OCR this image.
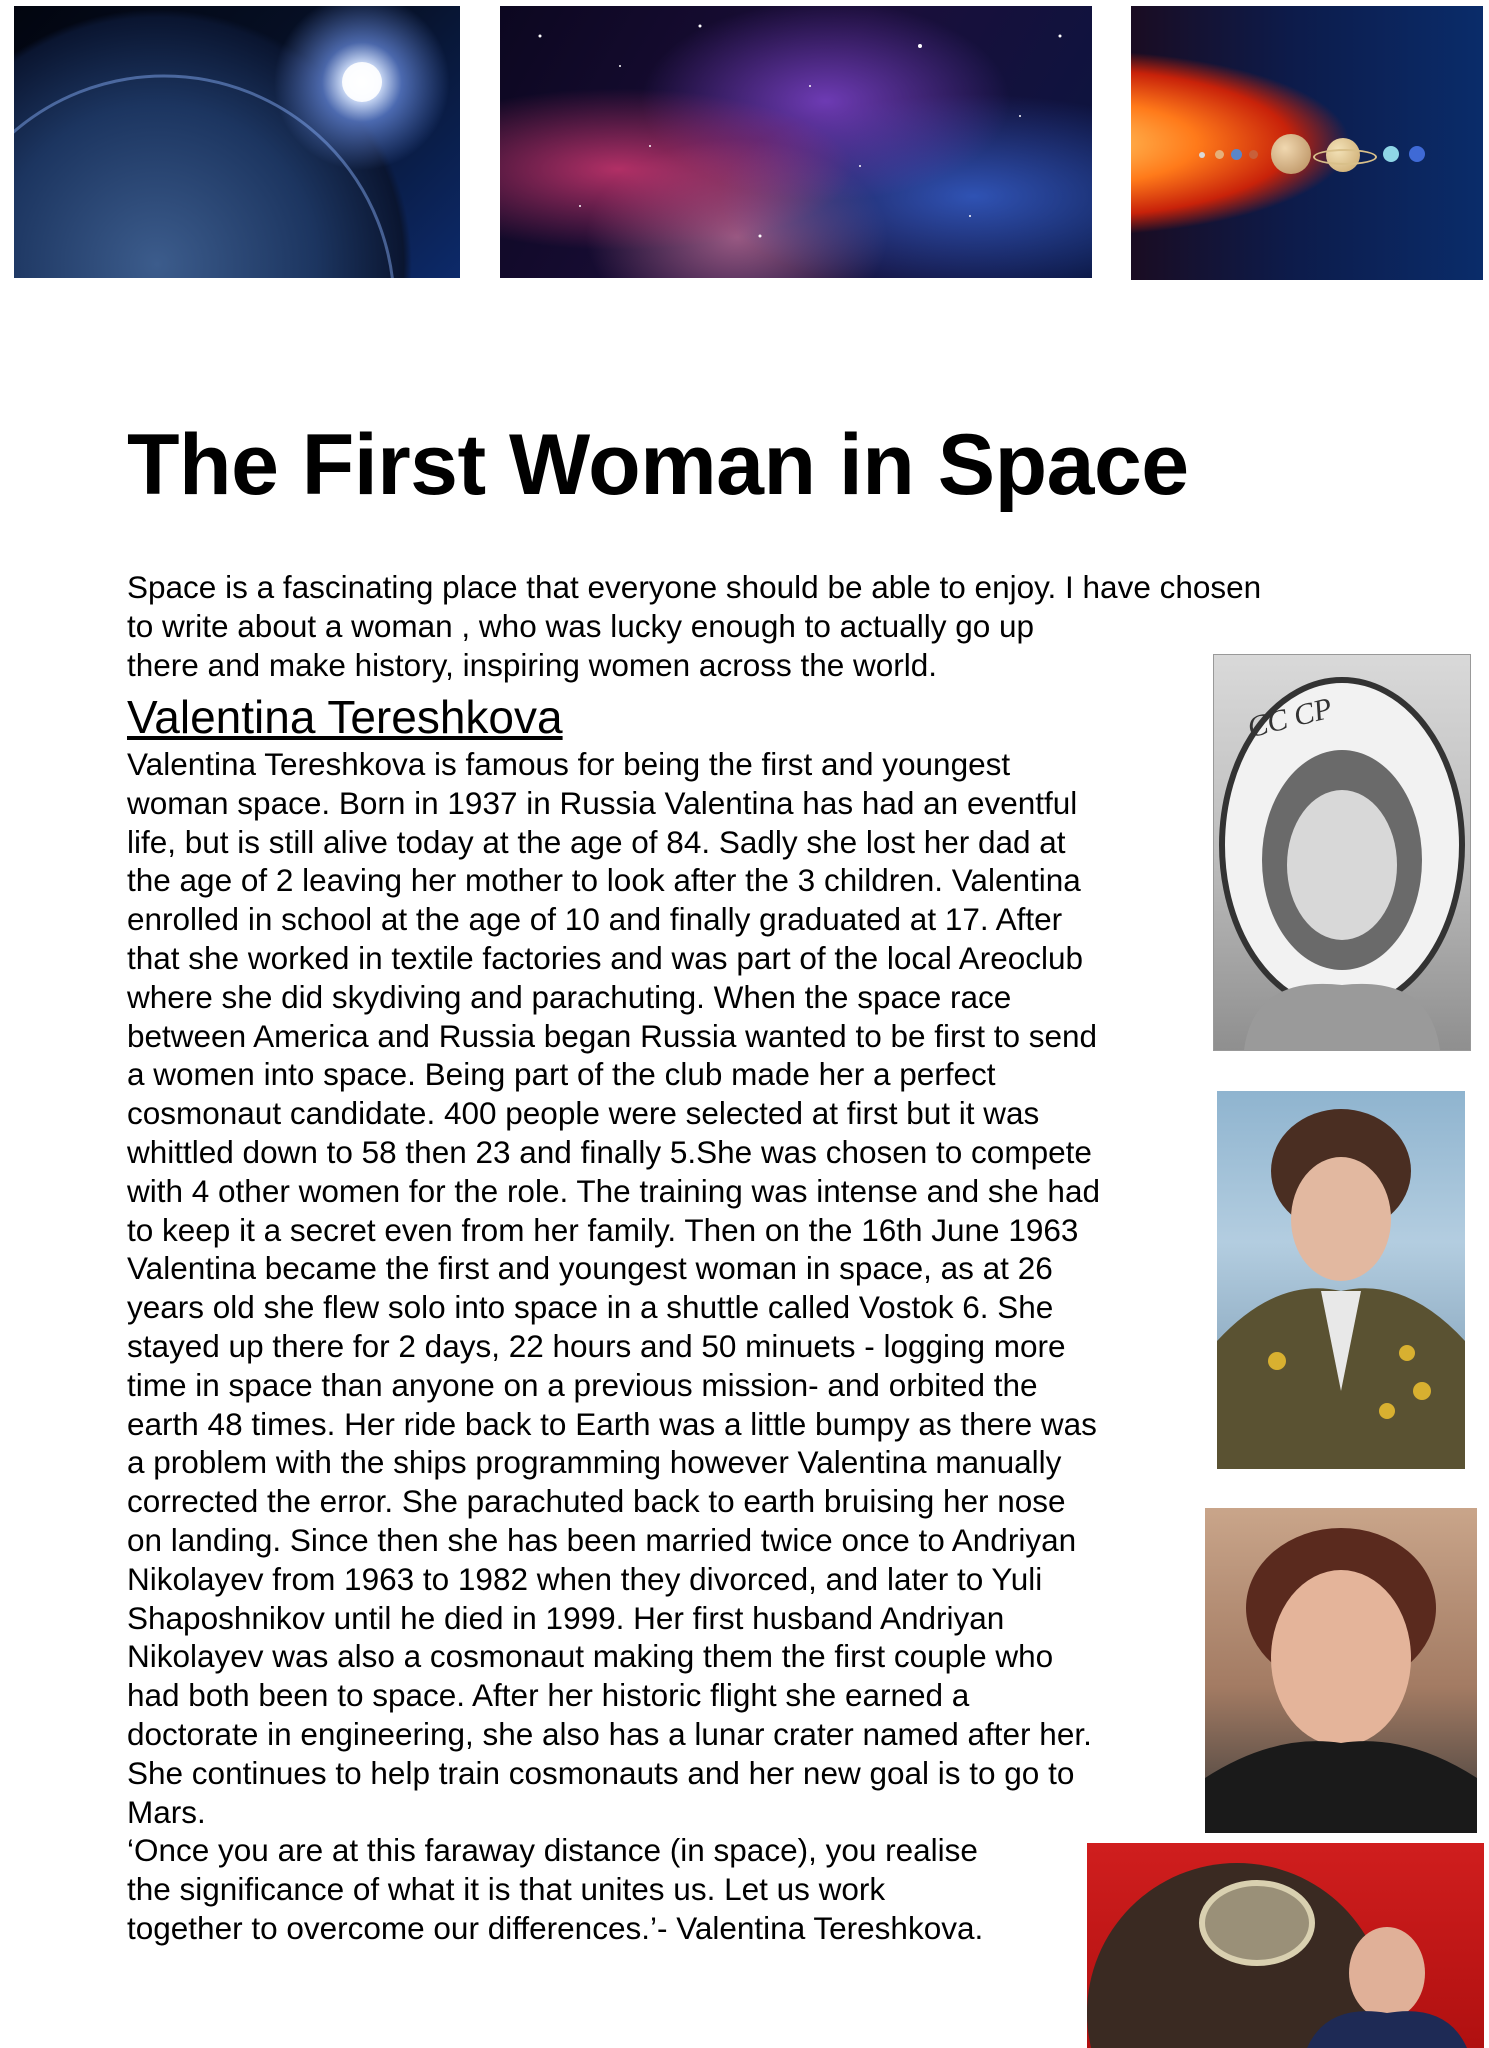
The First Woman in Space

Space is a fascinating place that everyone should be able to enjoy. I have chosen
to write about a woman , who was lucky enough to actually go up
there and make history, inspiring women across the world.

Valentina Tereshkova

Valentina Tereshkova is famous for being the first and youngest
woman space. Born in 1937 in Russia Valentina has had an eventful
life, but is still alive today at the age of 84. Sadly she lost her dad at
the age of 2 leaving her mother to look after the 3 children. Valentina
enrolled in school at the age of 10 and finally graduated at 17. After
that she worked in textile factories and was part of the local Areoclub
where she did skydiving and parachuting. When the space race
between America and Russia began Russia wanted to be first to send
a women into space. Being part of the club made her a perfect
cosmonaut candidate. 400 people were selected at first but it was
whittled down to 58 then 23 and finally 5.She was chosen to compete
with 4 other women for the role. The training was intense and she had
to keep it a secret even from her family. Then on the 16th June 1963
Valentina became the first and youngest woman in space, as at 26
years old she flew solo into space in a shuttle called Vostok 6. She
stayed up there for 2 days, 22 hours and 50 minuets - logging more
time in space than anyone on a previous mission- and orbited the
earth 48 times. Her ride back to Earth was a little bumpy as there was
a problem with the ships programming however Valentina manually
corrected the error. She parachuted back to earth bruising her nose
on landing. Since then she has been married twice once to Andriyan
Nikolayev from 1963 to 1982 when they divorced, and later to Yuli
Shaposhnikov until he died in 1999. Her first husband Andriyan
Nikolayev was also a cosmonaut making them the first couple who
had both been to space. After her historic flight she earned a
doctorate in engineering, she also has a lunar crater named after her.
She continues to help train cosmonauts and her new goal is to go to
Mars.
‘Once you are at this faraway distance (in space), you realise
the significance of what it is that unites us. Let us work
together to overcome our differences.’- Valentina Tereshkova.

CC CP
